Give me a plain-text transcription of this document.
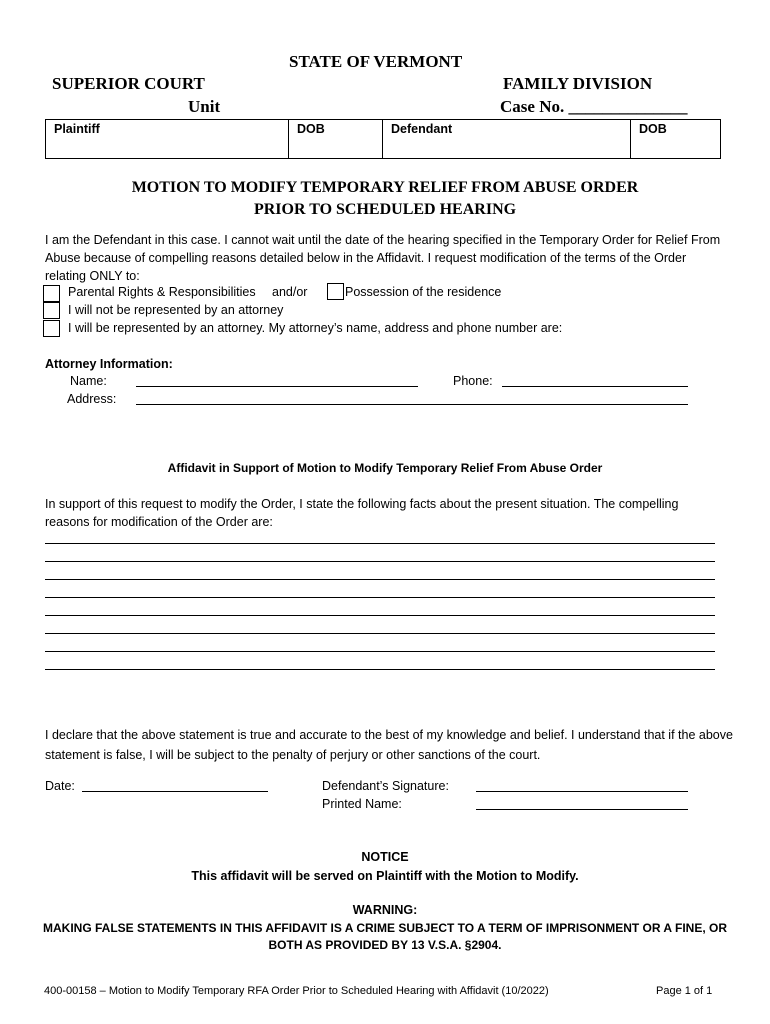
STATE OF VERMONT
SUPERIOR COURT
Unit
FAMILY DIVISION
Case No. ______________
Plaintiff	DOB	Defendant	DOB
MOTION TO MODIFY TEMPORARY RELIEF FROM ABUSE ORDER
PRIOR TO SCHEDULED HEARING
I am the Defendant in this case. I cannot wait until the date of the hearing specified in the Temporary Order for Relief From Abuse because of compelling reasons detailed below in the Affidavit. I request modification of the terms of the Order relating ONLY to:
Parental Rights & Responsibilities and/or	Possession of the residence
I will not be represented by an attorney
I will be represented by an attorney. My attorney’s name, address and phone number are:
Attorney Information:
Name:	Phone:
Address:
Affidavit in Support of Motion to Modify Temporary Relief From Abuse Order
In support of this request to modify the Order, I state the following facts about the present situation. The compelling reasons for modification of the Order are:
I declare that the above statement is true and accurate to the best of my knowledge and belief. I understand that if the above statement is false, I will be subject to the penalty of perjury or other sanctions of the court.
Date:	Defendant’s Signature:
Printed Name:
NOTICE
This affidavit will be served on Plaintiff with the Motion to Modify.
WARNING:
MAKING FALSE STATEMENTS IN THIS AFFIDAVIT IS A CRIME SUBJECT TO A TERM OF IMPRISONMENT OR A FINE, OR
BOTH AS PROVIDED BY 13 V.S.A. §2904.
400-00158 – Motion to Modify Temporary RFA Order Prior to Scheduled Hearing with Affidavit (10/2022)	Page 1 of 1
